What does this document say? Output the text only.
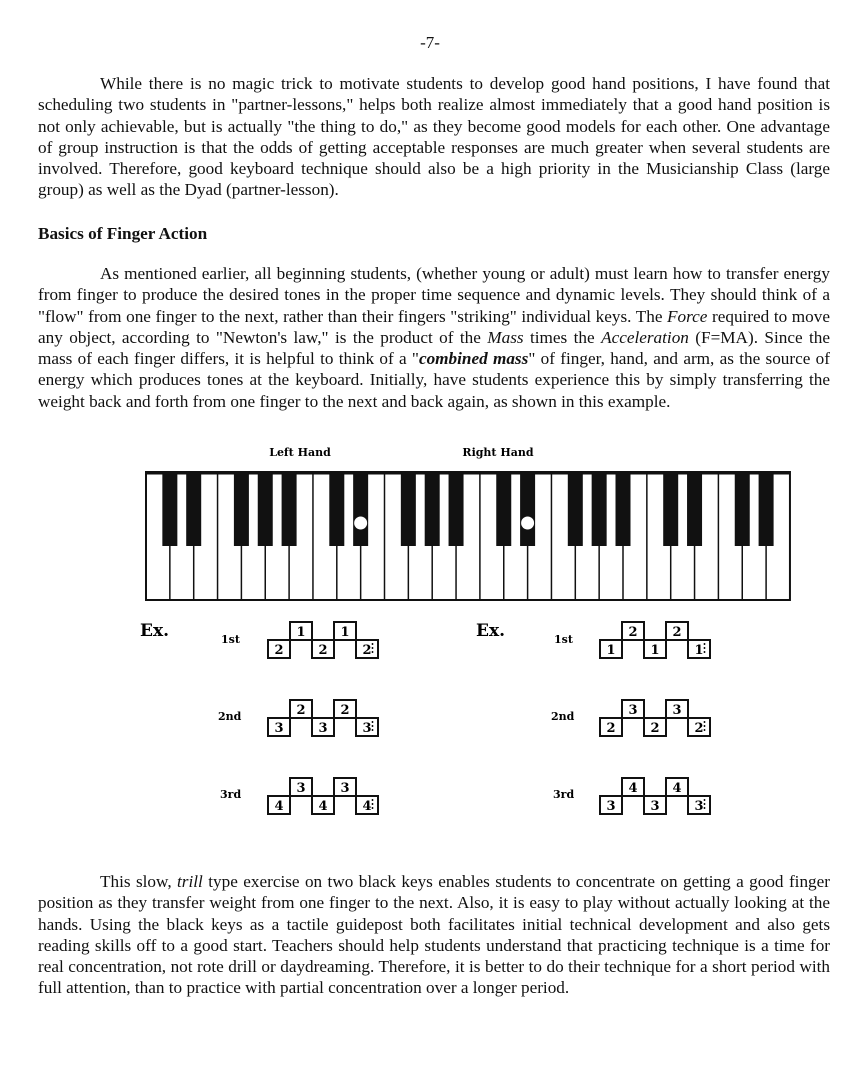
-7-

While there is no magic trick to motivate students to develop good hand positions, I have found that scheduling two students in "partner-lessons," helps both realize almost immediately that a good hand position is not only achievable, but is actually "the thing to do," as they become good models for each other. One advantage of group instruction is that the odds of getting acceptable responses are much greater when several students are involved. Therefore, good keyboard technique should also be a high priority in the Musicianship Class (large group) as well as the Dyad (partner-lesson).

Basics of Finger Action

As mentioned earlier, all beginning students, (whether young or adult) must learn how to transfer energy from finger to produce the desired tones in the proper time sequence and dynamic levels. They should think of a "flow" from one finger to the next, rather than their fingers "striking" individual keys. The Force required to move any object, according to "Newton's law," is the product of the Mass times the Acceleration (F=MA). Since the mass of each finger differs, it is helpful to think of a "combined mass" of finger, hand, and arm, as the source of energy which produces tones at the keyboard. Initially, have students experience this by simply transferring the weight back and forth from one finger to the next and back again, as shown in this example.

Left Hand	Right Hand
Ex.	Ex.
1st
2	2	2
1	1
2nd
3	3	3
2	2
3rd
4	4	4
3	3
1st
1	1	1
2	2
2nd
2	2	2
3	3
3rd
3	3	3
4	4

This slow, trill type exercise on two black keys enables students to concentrate on getting a good finger position as they transfer weight from one finger to the next. Also, it is easy to play without actually looking at the hands. Using the black keys as a tactile guidepost both facilitates initial technical development and also gets reading skills off to a good start. Teachers should help students understand that practicing technique is a time for real concentration, not rote drill or daydreaming. Therefore, it is better to do their technique for a short period with full attention, than to practice with partial concentration over a longer period.
